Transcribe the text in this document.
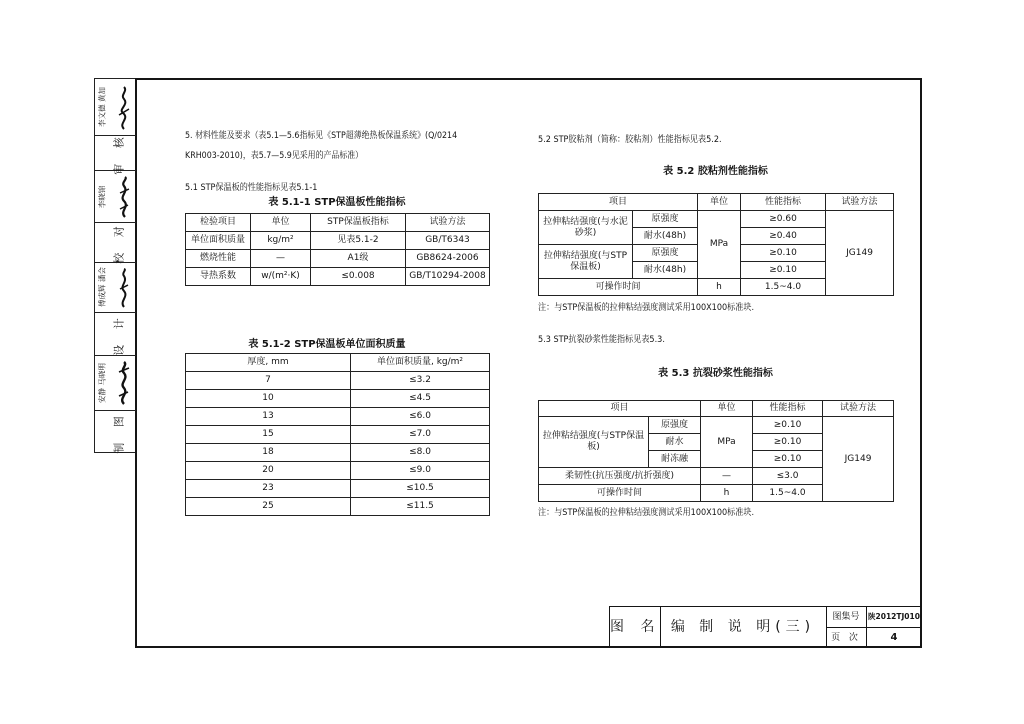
李文德 黄加
审 核
李晓锦
校 对
傅成辉 潘会
设 计
安静 马晓明
制 图
5. 材料性能及要求（表5.1—5.6指标见《STP超薄绝热板保温系统》(Q/0214
KRH003-2010)，表5.7—5.9见采用的产品标准）
5.1 STP保温板的性能指标见表5.1-1
表 5.1-1 STP保温板性能指标
检验项目	单位	STP保温板指标	试验方法
单位面积质量	kg/m²	见表5.1-2	GB/T6343
燃烧性能	—	A1级	GB8624-2006
导热系数	w/(m²·K)	≤0.008	GB/T10294-2008
表 5.1-2 STP保温板单位面积质量
厚度, mm	单位面积质量, kg/m²
7	≤3.2
10	≤4.5
13	≤6.0
15	≤7.0
18	≤8.0
20	≤9.0
23	≤10.5
25	≤11.5
5.2 STP胶粘剂（简称：胶粘剂）性能指标见表5.2.
表 5.2 胶粘剂性能指标
项目		单位	性能指标	试验方法
拉伸粘结强度(与水泥砂浆)	原强度	MPa	≥0.60	JG149
	耐水(48h)		≥0.40	
拉伸粘结强度(与STP保温板)	原强度		≥0.10	
	耐水(48h)		≥0.10	
可操作时间		h	1.5~4.0	
注：与STP保温板的拉伸粘结强度测试采用100X100标准块.
5.3 STP抗裂砂浆性能指标见表5.3.
表 5.3 抗裂砂浆性能指标
项目		单位	性能指标	试验方法
拉伸粘结强度(与STP保温板)	原强度	MPa	≥0.10	JG149
	耐水		≥0.10	
	耐冻融		≥0.10	
柔韧性(抗压强度/抗折强度)		—	≤3.0	
可操作时间		h	1.5~4.0	
注：与STP保温板的拉伸粘结强度测试采用100X100标准块.
图 名 编 制 说 明(三)
图集号	陕2012TJ010
页 次	4
